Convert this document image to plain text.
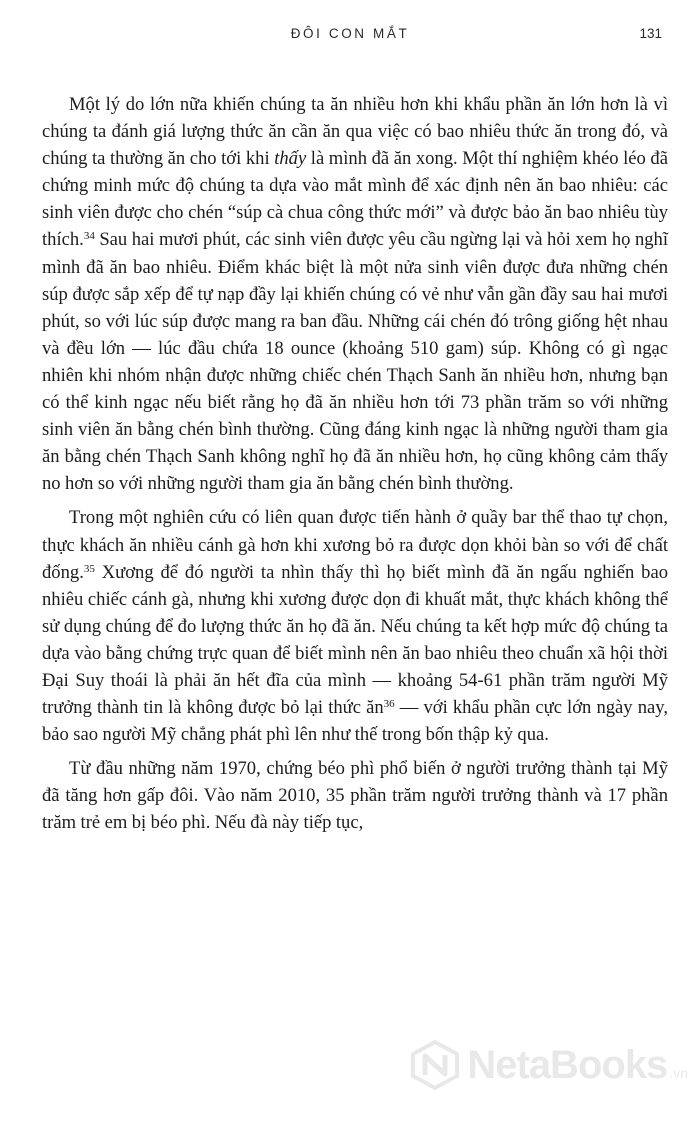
ĐÔI CON MẮT	131

Một lý do lớn nữa khiến chúng ta ăn nhiều hơn khi khẩu phần ăn lớn hơn là vì chúng ta đánh giá lượng thức ăn cần ăn qua việc có bao nhiêu thức ăn trong đó, và chúng ta thường ăn cho tới khi thấy là mình đã ăn xong. Một thí nghiệm khéo léo đã chứng minh mức độ chúng ta dựa vào mắt mình để xác định nên ăn bao nhiêu: các sinh viên được cho chén “súp cà chua công thức mới” và được bảo ăn bao nhiêu tùy thích.$^{34}$ Sau hai mươi phút, các sinh viên được yêu cầu ngừng lại và hỏi xem họ nghĩ mình đã ăn bao nhiêu. Điểm khác biệt là một nửa sinh viên được đưa những chén súp được sắp xếp để tự nạp đầy lại khiến chúng có vẻ như vẫn gần đầy sau hai mươi phút, so với lúc súp được mang ra ban đầu. Những cái chén đó trông giống hệt nhau và đều lớn — lúc đầu chứa 18 ounce (khoảng 510 gam) súp. Không có gì ngạc nhiên khi nhóm nhận được những chiếc chén Thạch Sanh ăn nhiều hơn, nhưng bạn có thể kinh ngạc nếu biết rằng họ đã ăn nhiều hơn tới 73 phần trăm so với những sinh viên ăn bằng chén bình thường. Cũng đáng kinh ngạc là những người tham gia ăn bằng chén Thạch Sanh không nghĩ họ đã ăn nhiều hơn, họ cũng không cảm thấy no hơn so với những người tham gia ăn bằng chén bình thường.

Trong một nghiên cứu có liên quan được tiến hành ở quầy bar thể thao tự chọn, thực khách ăn nhiều cánh gà hơn khi xương bỏ ra được dọn khỏi bàn so với để chất đống.$^{35}$ Xương để đó người ta nhìn thấy thì họ biết mình đã ăn ngấu nghiến bao nhiêu chiếc cánh gà, nhưng khi xương được dọn đi khuất mắt, thực khách không thể sử dụng chúng để đo lượng thức ăn họ đã ăn. Nếu chúng ta kết hợp mức độ chúng ta dựa vào bằng chứng trực quan để biết mình nên ăn bao nhiêu theo chuẩn xã hội thời Đại Suy thoái là phải ăn hết đĩa của mình — khoảng 54-61 phần trăm người Mỹ trưởng thành tin là không được bỏ lại thức $ăn^{36}$ — với khẩu phần cực lớn ngày nay, bảo sao người Mỹ chẳng phát phì lên như thế trong bốn thập kỷ qua.

Từ đầu những năm 1970, chứng béo phì phổ biến ở người trưởng thành tại Mỹ đã tăng hơn gấp đôi. Vào năm 2010, 35 phần trăm người trưởng thành và 17 phần trăm trẻ em bị béo phì. Nếu đà này tiếp tục,

NetaBooks .vn
